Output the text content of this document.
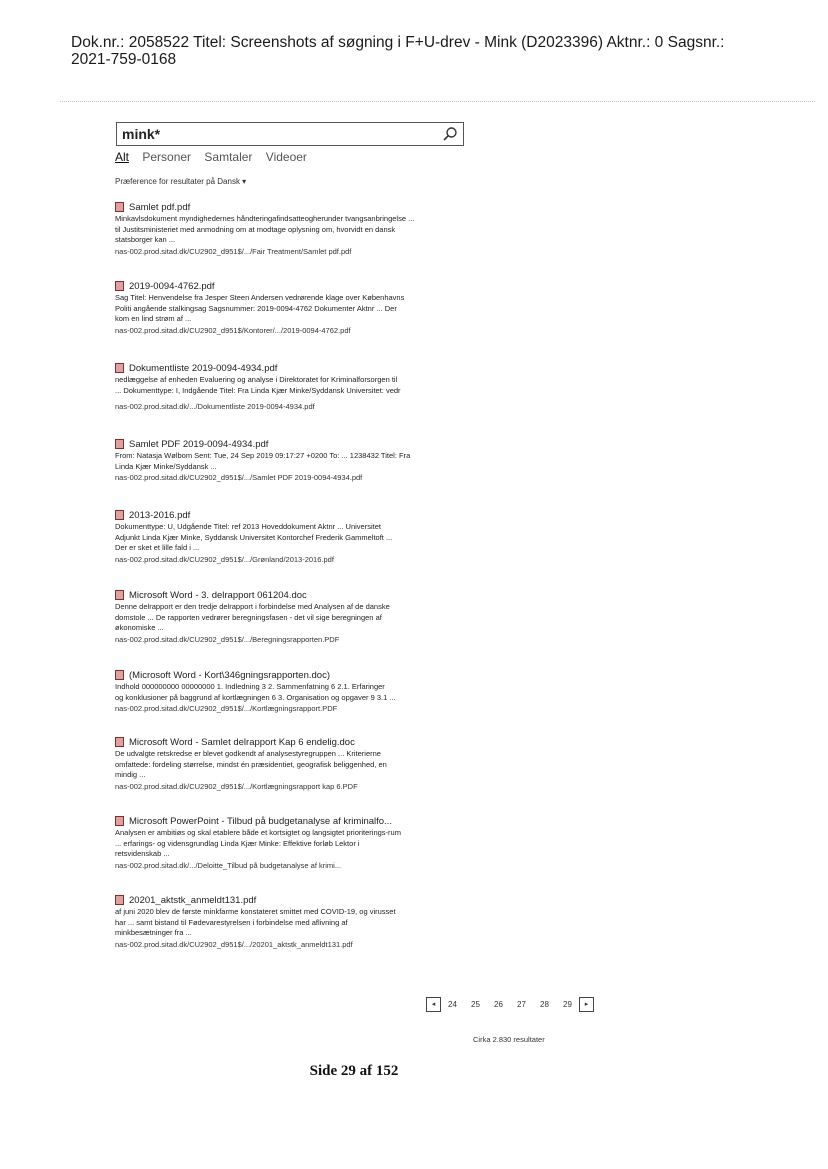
Dok.nr.: 2058522 Titel: Screenshots af søgning i F+U-drev - Mink (D2023396) Aktnr.: 0 Sagsnr.:
2021-759-0168
mink*
Alt Personer Samtaler Videoer
Præference for resultater på Dansk ▾
Samlet pdf.pdf
Minkavlsdokument myndighedernes håndteringafindsatteogherunder tvangsanbringelse ...
til Justitsministeriet med anmodning om at modtage oplysning om, hvorvidt en dansk
statsborger kan ...
nas-002.prod.sitad.dk/CU2902_d951$/.../Fair Treatment/Samlet pdf.pdf
2019-0094-4762.pdf
Sag Titel: Henvendelse fra Jesper Steen Andersen vedrørende klage over Københavns
Politi angående stalkingsag Sagsnummer: 2019-0094-4762 Dokumenter Aktnr ... Der
kom en lind strøm af ...
nas-002.prod.sitad.dk/CU2902_d951$/Kontorer/.../2019-0094-4762.pdf
Dokumentliste 2019-0094-4934.pdf
nedlæggelse af enheden Evaluering og analyse i Direktoratet for Kriminalforsorgen til
... Dokumenttype: I, Indgående Titel: Fra Linda Kjær Minke/Syddansk Universitet: vedr
nas-002.prod.sitad.dk/.../Dokumentliste 2019-0094-4934.pdf
Samlet PDF 2019-0094-4934.pdf
From: Natasja Wølbom Sent: Tue, 24 Sep 2019 09:17:27 +0200 To: ... 1238432 Titel: Fra
Linda Kjær Minke/Syddansk ...
nas-002.prod.sitad.dk/CU2902_d951$/.../Samlet PDF 2019-0094-4934.pdf
2013-2016.pdf
Dokumenttype: U, Udgående Titel: ref 2013 Hoveddokument Aktnr ... Universitet
Adjunkt Linda Kjær Minke, Syddansk Universitet Kontorchef Frederik Gammeltoft ...
Der er sket et lille fald i ...
nas-002.prod.sitad.dk/CU2902_d951$/.../Grønland/2013-2016.pdf
Microsoft Word - 3. delrapport 061204.doc
Denne delrapport er den tredje delrapport i forbindelse med Analysen af de danske
domstole ... De rapporten vedrører beregningsfasen - det vil sige beregningen af
økonomiske ...
nas-002.prod.sitad.dk/CU2902_d951$/.../Beregningsrapporten.PDF
(Microsoft Word - Kort\346gningsrapporten.doc)
Indhold 000000000 00000000 1. Indledning 3 2. Sammenfatning 6 2.1. Erfaringer
og konklusioner på baggrund af kortlægningen 6 3. Organisation og opgaver 9 3.1 ...
nas-002.prod.sitad.dk/CU2902_d951$/.../Kortlægningsrapport.PDF
Microsoft Word - Samlet delrapport Kap 6 endelig.doc
De udvalgte retskredse er blevet godkendt af analysestyregruppen ... Kriterierne
omfattede: fordeling størrelse, mindst én præsidentiet, geografisk beliggenhed, en
mindig ...
nas-002.prod.sitad.dk/CU2902_d951$/.../Kortlægningsrapport kap 6.PDF
Microsoft PowerPoint - Tilbud på budgetanalyse af kriminalfo...
Analysen er ambitiøs og skal etablere både et kortsigtet og langsigtet prioriterings-rum
... erfarings- og vidensgrundlag Linda Kjær Minke: Effektive forløb Lektor i
retsvidenskab ...
nas-002.prod.sitad.dk/.../Deloitte_Tilbud på budgetanalyse af krimi...
20201_aktstk_anmeldt131.pdf
af juni 2020 blev de første minkfarme konstateret smittet med COVID-19, og virusset
har ... samt bistand til Fødevarestyrelsen i forbindelse med aflivning af
minkbesætninger fra ...
nas-002.prod.sitad.dk/CU2902_d951$/.../20201_aktstk_anmeldt131.pdf
◂	24	25	26	27	28	29	▸
Cirka 2.830 resultater
Side 29 af 152
